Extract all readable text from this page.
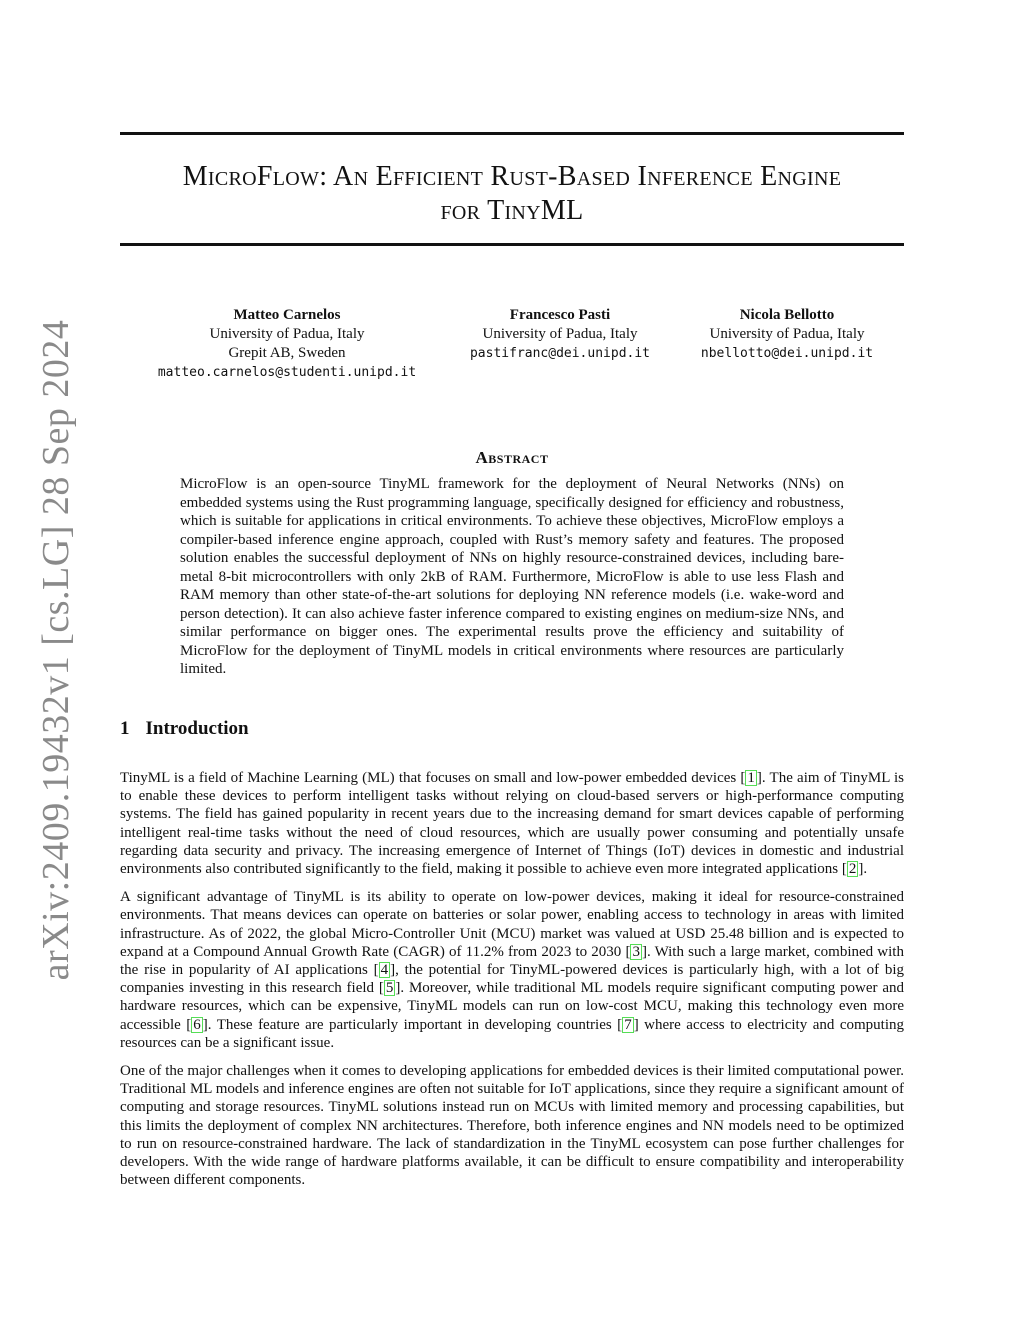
arXiv:2409.19432v1 [cs.LG] 28 Sep 2024
MicroFlow: An Efficient Rust-Based Inference Engine
for TinyML
Matteo Carnelos
University of Padua, Italy
Grepit AB, Sweden
matteo.carnelos@studenti.unipd.it
Francesco Pasti
University of Padua, Italy
pastifranc@dei.unipd.it
Nicola Bellotto
University of Padua, Italy
nbellotto@dei.unipd.it
Abstract

MicroFlow is an open-source TinyML framework for the deployment of Neural Networks (NNs) on embedded systems using the Rust programming language, specifically designed for efficiency and robustness, which is suitable for applications in critical environments. To achieve these objectives, MicroFlow employs a compiler-based inference engine approach, coupled with Rust’s memory safety and features. The proposed solution enables the successful deployment of NNs on highly resource-constrained devices, including bare-metal 8-bit microcontrollers with only 2kB of RAM. Furthermore, MicroFlow is able to use less Flash and RAM memory than other state-of-the-art solutions for deploying NN reference models (i.e. wake-word and person detection). It can also achieve faster inference compared to existing engines on medium-size NNs, and similar performance on bigger ones. The experimental results prove the efficiency and suitability of MicroFlow for the deployment of TinyML models in critical environments where resources are particularly limited.

1 Introduction

TinyML is a field of Machine Learning (ML) that focuses on small and low-power embedded devices [ 1 ]. The aim of TinyML is to enable these devices to perform intelligent tasks without relying on cloud-based servers or high-performance computing systems. The field has gained popularity in recent years due to the increasing demand for smart devices capable of performing intelligent real-time tasks without the need of cloud resources, which are usually power consuming and potentially unsafe regarding data security and privacy. The increasing emergence of Internet of Things (IoT) devices in domestic and industrial environments also contributed significantly to the field, making it possible to achieve even more integrated applications [ 2 ].

A significant advantage of TinyML is its ability to operate on low-power devices, making it ideal for resource-constrained environments. That means devices can operate on batteries or solar power, enabling access to technology in areas with limited infrastructure. As of 2022, the global Micro-Controller Unit (MCU) market was valued at USD 25.48 billion and is expected to expand at a Compound Annual Growth Rate (CAGR) of 11.2% from 2023 to 2030 [ 3 ]. With such a large market, combined with the rise in popularity of AI applications [ 4 ], the potential for TinyML-powered devices is particularly high, with a lot of big companies investing in this research field [ 5 ]. Moreover, while traditional ML models require significant computing power and hardware resources, which can be expensive, TinyML models can run on low-cost MCU, making this technology even more accessible [ 6 ]. These feature are particularly important in developing countries [ 7 ] where access to electricity and computing resources can be a significant issue.

One of the major challenges when it comes to developing applications for embedded devices is their limited computational power. Traditional ML models and inference engines are often not suitable for IoT applications, since they require a significant amount of computing and storage resources. TinyML solutions instead run on MCUs with limited memory and processing capabilities, but this limits the deployment of complex NN architectures. Therefore, both inference engines and NN models need to be optimized to run on resource-constrained hardware. The lack of standardization in the TinyML ecosystem can pose further challenges for developers. With the wide range of hardware platforms available, it can be difficult to ensure compatibility and interoperability between different components.
